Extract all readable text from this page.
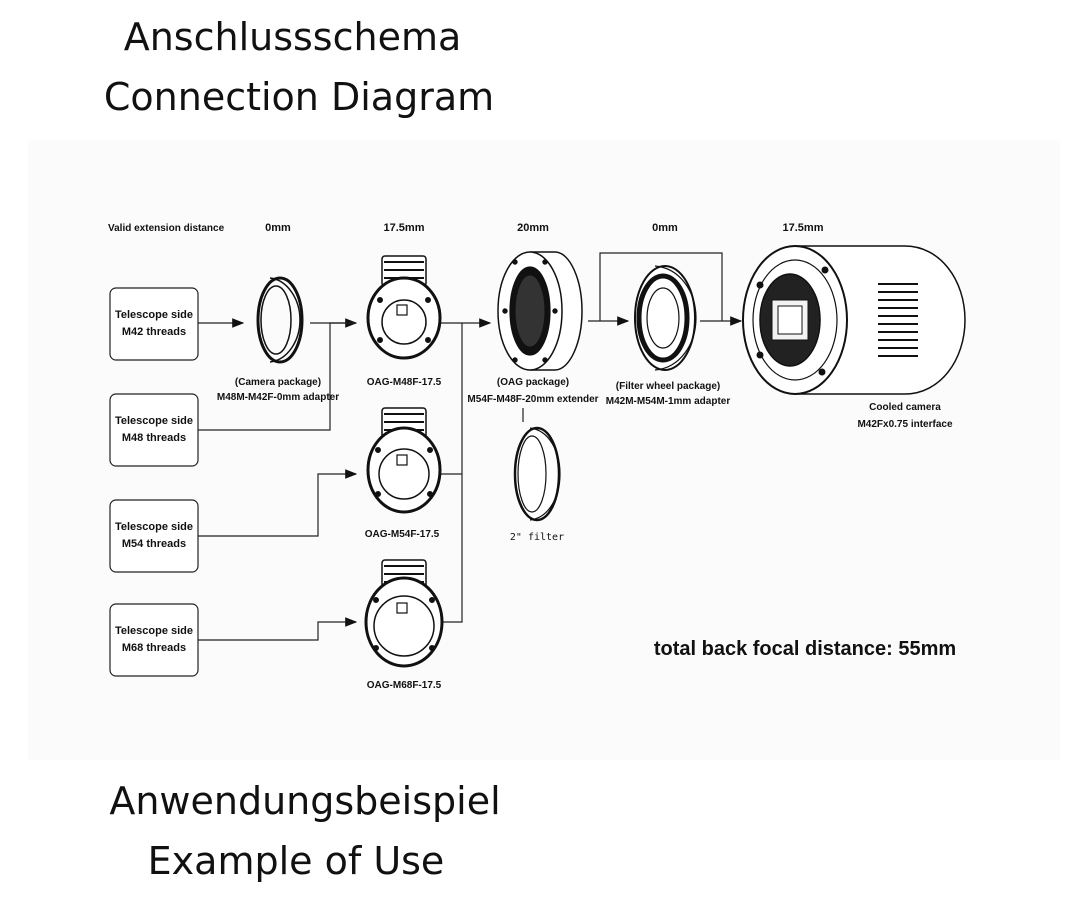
Anschlussschema
Connection Diagram
Valid extension distance	0mm	17.5mm	20mm	0mm	17.5mm
Telescope side
M42 threads
Telescope side
M48 threads
Telescope side
M54 threads
Telescope side
M68 threads
(Camera package)
M48M-M42F-0mm adapter
OAG-M48F-17.5
OAG-M54F-17.5
OAG-M68F-17.5
(OAG package)
M54F-M48F-20mm extender
2" filter
(Filter wheel package)
M42M-M54M-1mm adapter
Cooled camera
M42Fx0.75 interface
total back focal distance: 55mm
Anwendungsbeispiel
Example of Use
